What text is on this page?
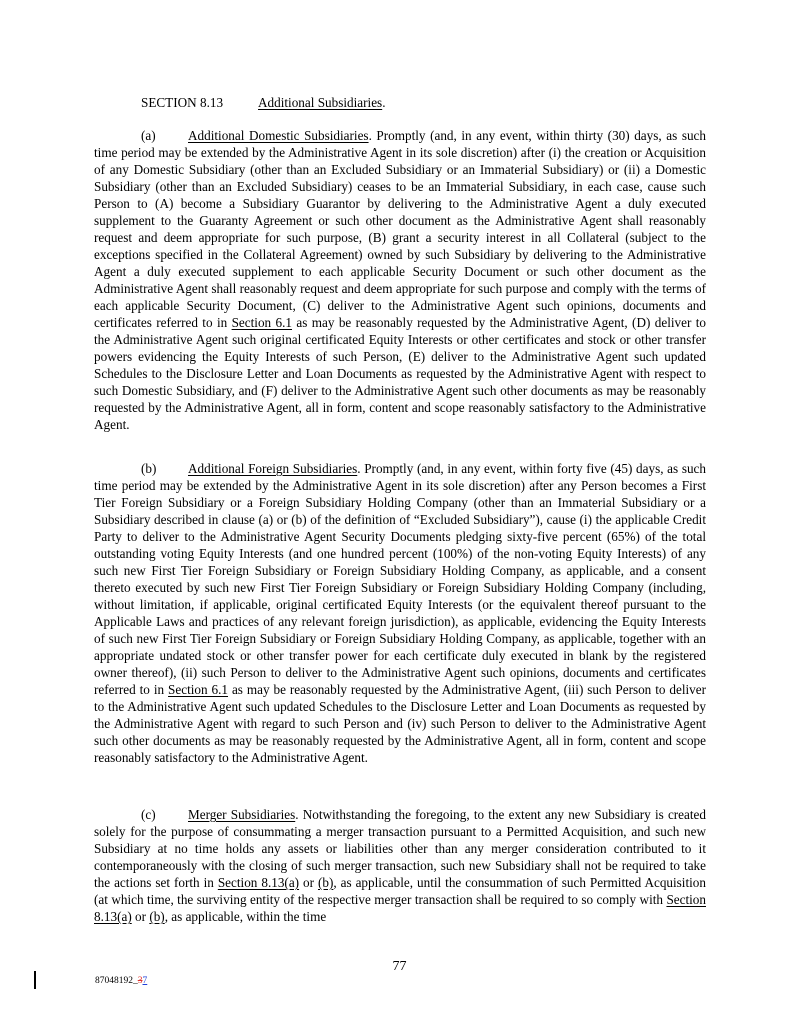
SECTION 8.13	Additional Subsidiaries.

(a) Additional Domestic Subsidiaries. Promptly (and, in any event, within thirty (30) days, as such time period may be extended by the Administrative Agent in its sole discretion) after (i) the creation or Acquisition of any Domestic Subsidiary (other than an Excluded Subsidiary or an Immaterial Subsidiary) or (ii) a Domestic Subsidiary (other than an Excluded Subsidiary) ceases to be an Immaterial Subsidiary, in each case, cause such Person to (A) become a Subsidiary Guarantor by delivering to the Administrative Agent a duly executed supplement to the Guaranty Agreement or such other document as the Administrative Agent shall reasonably request and deem appropriate for such purpose, (B) grant a security interest in all Collateral (subject to the exceptions specified in the Collateral Agreement) owned by such Subsidiary by delivering to the Administrative Agent a duly executed supplement to each applicable Security Document or such other document as the Administrative Agent shall reasonably request and deem appropriate for such purpose and comply with the terms of each applicable Security Document, (C) deliver to the Administrative Agent such opinions, documents and certificates referred to in Section 6.1 as may be reasonably requested by the Administrative Agent, (D) deliver to the Administrative Agent such original certificated Equity Interests or other certificates and stock or other transfer powers evidencing the Equity Interests of such Person, (E) deliver to the Administrative Agent such updated Schedules to the Disclosure Letter and Loan Documents as requested by the Administrative Agent with respect to such Domestic Subsidiary, and (F) deliver to the Administrative Agent such other documents as may be reasonably requested by the Administrative Agent, all in form, content and scope reasonably satisfactory to the Administrative Agent.

(b) Additional Foreign Subsidiaries. Promptly (and, in any event, within forty five (45) days, as such time period may be extended by the Administrative Agent in its sole discretion) after any Person becomes a First Tier Foreign Subsidiary or a Foreign Subsidiary Holding Company (other than an Immaterial Subsidiary or a Subsidiary described in clause (a) or (b) of the definition of “Excluded Subsidiary”), cause (i) the applicable Credit Party to deliver to the Administrative Agent Security Documents pledging sixty-five percent (65%) of the total outstanding voting Equity Interests (and one hundred percent (100%) of the non-voting Equity Interests) of any such new First Tier Foreign Subsidiary or Foreign Subsidiary Holding Company, as applicable, and a consent thereto executed by such new First Tier Foreign Subsidiary or Foreign Subsidiary Holding Company (including, without limitation, if applicable, original certificated Equity Interests (or the equivalent thereof pursuant to the Applicable Laws and practices of any relevant foreign jurisdiction), as applicable, evidencing the Equity Interests of such new First Tier Foreign Subsidiary or Foreign Subsidiary Holding Company, as applicable, together with an appropriate undated stock or other transfer power for each certificate duly executed in blank by the registered owner thereof), (ii) such Person to deliver to the Administrative Agent such opinions, documents and certificates referred to in Section 6.1 as may be reasonably requested by the Administrative Agent, (iii) such Person to deliver to the Administrative Agent such updated Schedules to the Disclosure Letter and Loan Documents as requested by the Administrative Agent with regard to such Person and (iv) such Person to deliver to the Administrative Agent such other documents as may be reasonably requested by the Administrative Agent, all in form, content and scope reasonably satisfactory to the Administrative Agent.

(c) Merger Subsidiaries. Notwithstanding the foregoing, to the extent any new Subsidiary is created solely for the purpose of consummating a merger transaction pursuant to a Permitted Acquisition, and such new Subsidiary at no time holds any assets or liabilities other than any merger consideration contributed to it contemporaneously with the closing of such merger transaction, such new Subsidiary shall not be required to take the actions set forth in Section 8.13(a) or (b), as applicable, until the consummation of such Permitted Acquisition (at which time, the surviving entity of the respective merger transaction shall be required to so comply with Section 8.13(a) or (b), as applicable, within the time

77
87048192_37
